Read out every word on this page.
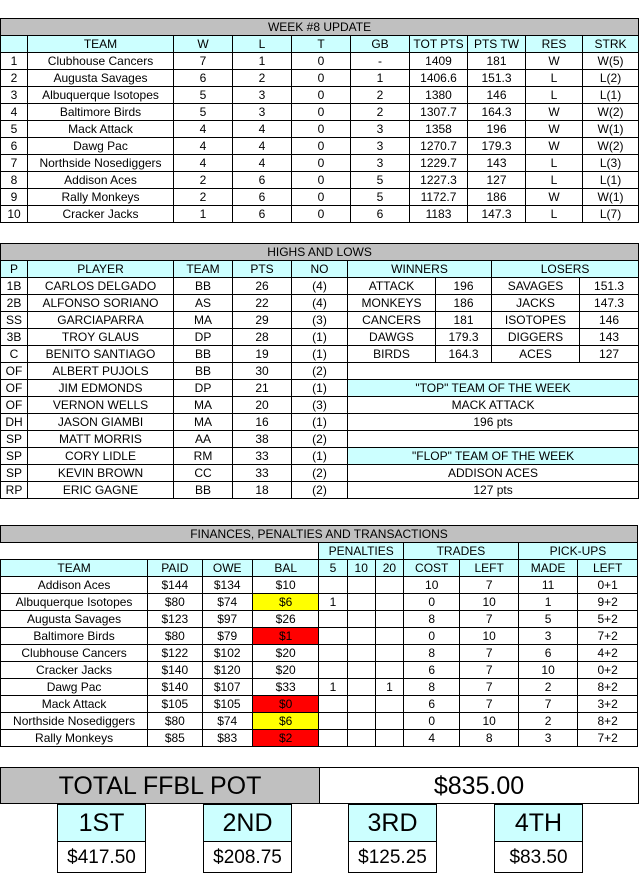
WEEK #8 UPDATE									
	TEAM	W	L	T	GB	TOT PTS	PTS TW	RES	STRK
1	Clubhouse Cancers	7	1	0	-	1409	181	W	W(5)
2	Augusta Savages	6	2	0	1	1406.6	151.3	L	L(2)
3	Albuquerque Isotopes	5	3	0	2	1380	146	L	L(1)
4	Baltimore Birds	5	3	0	2	1307.7	164.3	W	W(2)
5	Mack Attack	4	4	0	3	1358	196	W	W(1)
6	Dawg Pac	4	4	0	3	1270.7	179.3	W	W(2)
7	Northside Nosediggers	4	4	0	3	1229.7	143	L	L(3)
8	Addison Aces	2	6	0	5	1227.3	127	L	L(1)
9	Rally Monkeys	2	6	0	5	1172.7	186	W	W(1)
10	Cracker Jacks	1	6	0	6	1183	147.3	L	L(7)
HIGHS AND LOWS								
P	PLAYER	TEAM	PTS	NO	WINNERS		LOSERS	
1B	CARLOS DELGADO	BB	26	(4)	ATTACK	196	SAVAGES	151.3
2B	ALFONSO SORIANO	AS	22	(4)	MONKEYS	186	JACKS	147.3
SS	GARCIAPARRA	MA	29	(3)	CANCERS	181	ISOTOPES	146
3B	TROY GLAUS	DP	28	(1)	DAWGS	179.3	DIGGERS	143
C	BENITO SANTIAGO	BB	19	(1)	BIRDS	164.3	ACES	127
OF	ALBERT PUJOLS	BB	30	(2)				
OF	JIM EDMONDS	DP	21	(1)	"TOP" TEAM OF THE WEEK			
OF	VERNON WELLS	MA	20	(3)	MACK ATTACK			
DH	JASON GIAMBI	MA	16	(1)	196 pts			
SP	MATT MORRIS	AA	38	(2)				
SP	CORY LIDLE	RM	33	(1)	"FLOP" TEAM OF THE WEEK			
SP	KEVIN BROWN	CC	33	(2)	ADDISON ACES			
RP	ERIC GAGNE	BB	18	(2)	127 pts			
FINANCES, PENALTIES AND TRANSACTIONS										
				PENALTIES			TRADES		PICK-UPS	
TEAM	PAID	OWE	BAL	5	10	20	COST	LEFT	MADE	LEFT
Addison Aces	$144	$134	$10				10	7	11	0+1
Albuquerque Isotopes	$80	$74	$6	1			0	10	1	9+2
Augusta Savages	$123	$97	$26				8	7	5	5+2
Baltimore Birds	$80	$79	$1				0	10	3	7+2
Clubhouse Cancers	$122	$102	$20				8	7	6	4+2
Cracker Jacks	$140	$120	$20				6	7	10	0+2
Dawg Pac	$140	$107	$33	1		1	8	7	2	8+2
Mack Attack	$105	$105	$0				6	7	7	3+2
Northside Nosediggers	$80	$74	$6				0	10	2	8+2
Rally Monkeys	$85	$83	$2				4	8	3	7+2
TOTAL FFBL POT	$835.00
1ST
$417.50
2ND
$208.75
3RD
$125.25
4TH
$83.50
